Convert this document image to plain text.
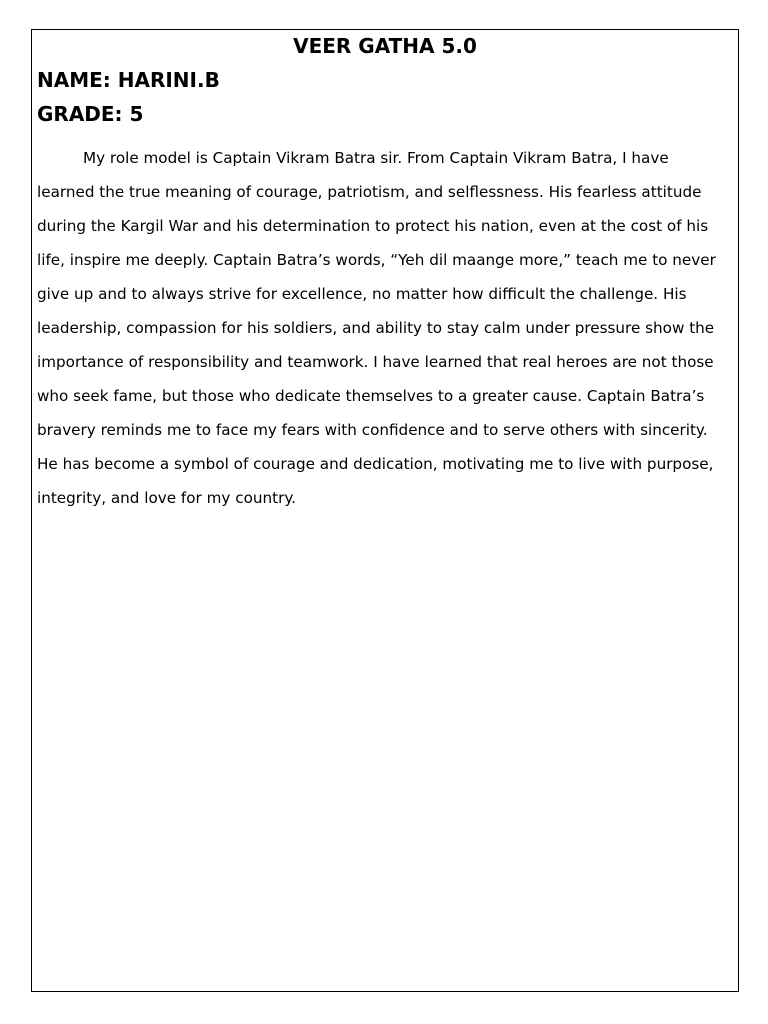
VEER GATHA 5.0
NAME: HARINI.B
GRADE: 5
My role model is Captain Vikram Batra sir. From Captain Vikram Batra, I have
learned the true meaning of courage, patriotism, and selflessness. His fearless attitude
during the Kargil War and his determination to protect his nation, even at the cost of his
life, inspire me deeply. Captain Batra’s words, “Yeh dil maange more,” teach me to never
give up and to always strive for excellence, no matter how difficult the challenge. His
leadership, compassion for his soldiers, and ability to stay calm under pressure show the
importance of responsibility and teamwork. I have learned that real heroes are not those
who seek fame, but those who dedicate themselves to a greater cause. Captain Batra’s
bravery reminds me to face my fears with confidence and to serve others with sincerity.
He has become a symbol of courage and dedication, motivating me to live with purpose,
integrity, and love for my country.
